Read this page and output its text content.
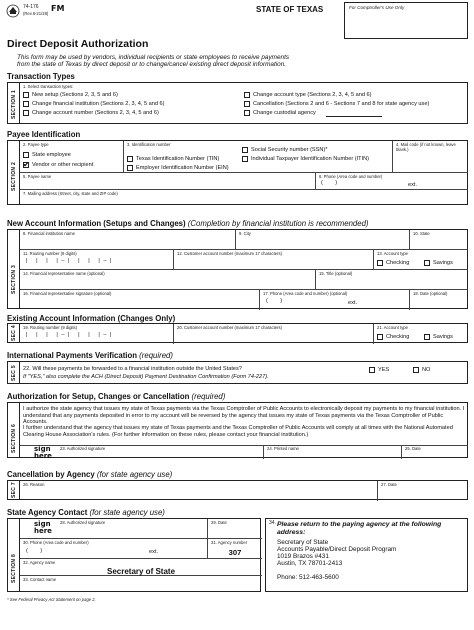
74-176
(Rev.6-21/28)
FM	STATE OF TEXAS	For Comptroller's Use Only
Direct Deposit Authorization
This form may be used by vendors, individual recipients or state employees to receive payments
from the state of Texas by direct deposit or to change/cancel existing direct deposit information.
Transaction Types
SECTION 1
1. Select transaction types:
New setup (Sections 2, 3, 5 and 6)
Change financial institution (Sections 2, 3, 4, 5 and 6)
Change account number (Sections 2, 3, 4, 5 and 6)
Change account type (Sections 2, 3, 4, 5 and 6)
Cancellation (Sections 2 and 6 - Sections 7 and 8 for state agency use)
Change custodial agency
Payee Identification
SECTION 2
2. Payee type
State employee
✔
Vendor or other recipient
3. Identification number
Texas Identification Number (TIN)
Employer Identification Number (EIN)
Social Security number (SSN)*
Individual Taxpayer Identification Number (ITIN)
4. Mail code (if not known, leave blank.)
5. Payee name	6. Phone (Area code and number)
(        )	ext.
7. Mailing address (Street, city, state and ZIP code)
New Account Information (Setups and Changes) (Completion by financial institution is recommended)
SECTION 3
8. Financial institution name	9. City	10. State
11. Routing number (9 digits)
|   |   |   | – |   |   |   | – |
12. Customer account number (maximum 17 characters)	13. Account type
Checking	Savings
14. Financial representative name (optional)	15. Title (optional)
16. Financial representative signature (optional)	17. Phone (Area code and number) (optional)
(        )	ext.
18. Date (optional)
Existing Account Information (Changes Only)
SEC 4 19. Routing number (9 digits)
|   |   |   | – |   |   |   | – |
20. Customer account number (maximum 17 characters)	21. Account type
Checking	Savings
International Payments Verification (required)
SEC 5 22. Will these payments be forwarded to a financial institution outside the United States?
If "YES," also complete the ACH (Direct Deposit) Payment Destination Confirmation (Form 74-227).
YES	NO
Authorization for Setup, Changes or Cancellation (required)
SECTION 6
I authorize the state agency that issues my state of Texas payments via the Texas Comptroller of Public Accounts to electronically deposit my payments to my financial institution. I understand that any payments deposited in error to my account will be reversed by the agency that issues my state of Texas payments via the Texas Comptroller of Public Accounts.
I further understand that the agency that issues my state of Texas payments and the Texas Comptroller of Public Accounts will comply at all times with the National Automated Clearing House Association's rules. (For further information on these rules, please contact your financial institution.)
sign here
23. Authorized signature	24. Printed name	25. Date
Cancellation by Agency (for state agency use)
SEC 7 26. Reason	27. Date
State Agency Contact (for state agency use)
SECTION 8
sign here
28. Authorized signature	29. Date
30. Phone (Area code and number)
(        )	ext.
31. Agency number
307
32. Agency name
Secretary of State
33. Contact name
34. Please return to the paying agency at the following address:
Secretary of State
Accounts Payable/Direct Deposit Program
1019 Brazos #431
Austin, TX 78701-2413
Phone: 512-463-5600
* See Federal Privacy Act Statement on page 2.
